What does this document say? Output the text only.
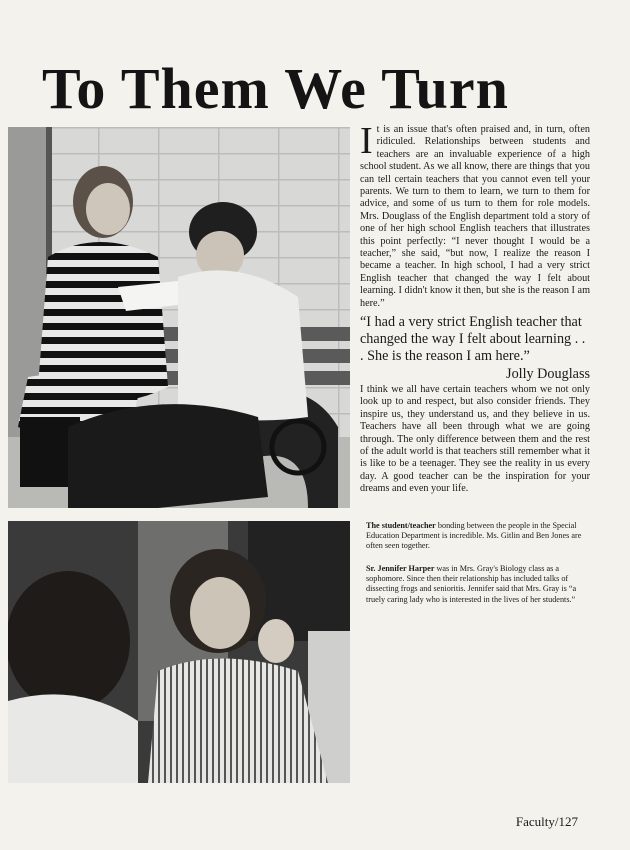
To Them We Turn

It is an issue that's often praised and, in turn, often ridiculed. Relationships between students and teachers are an invaluable experience of a high school student. As we all know, there are things that you can tell certain teachers that you cannot even tell your parents. We turn to them to learn, we turn to them for advice, and some of us turn to them for role models. Mrs. Douglass of the English department told a story of one of her high school English teachers that illustrates this point perfectly: “I never thought I would be a teacher,” she said, “but now, I realize the reason I became a teacher. In high school, I had a very strict English teacher that changed the way I felt about learning. I didn't know it then, but she is the reason I am here.”

“I had a very strict English teacher that changed the way I felt about learning . . . She is the reason I am here.”
Jolly Douglass

I think we all have certain teachers whom we not only look up to and respect, but also consider friends. They inspire us, they understand us, and they believe in us. Teachers have all been through what we are going through. The only difference between them and the rest of the adult world is that teachers still remember what it is like to be a teenager. They see the reality in us every day. A good teacher can be the inspiration for your dreams and even your life.

The student/teacher bonding between the people in the Special Education Department is incredible. Ms. Gitlin and Ben Jones are often seen together.

Sr. Jennifer Harper was in Mrs. Gray's Biology class as a sophomore. Since then their relationship has included talks of dissecting frogs and senioritis. Jennifer said that Mrs. Gray is “a truely caring lady who is interested in the lives of her students.”

Faculty/127
